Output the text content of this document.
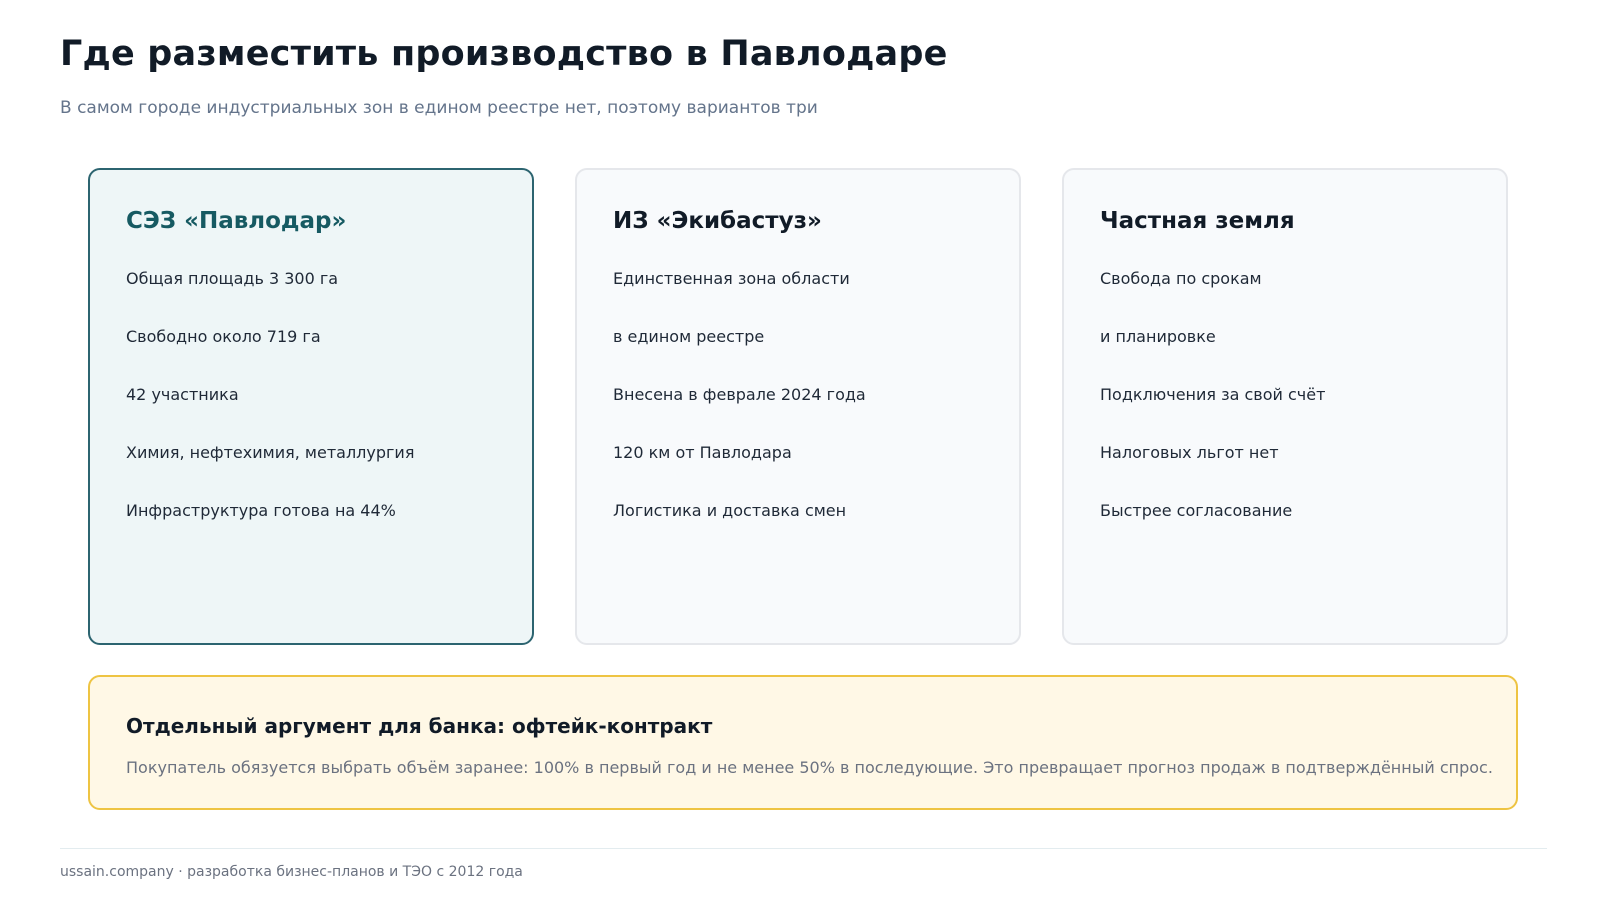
Где разместить производство в Павлодаре

В самом городе индустриальных зон в едином реестре нет, поэтому вариантов три

СЭЗ «Павлодар»
Общая площадь 3 300 га
Свободно около 719 га
42 участника
Химия, нефтехимия, металлургия
Инфраструктура готова на 44%
ИЗ «Экибастуз»
Единственная зона области
в едином реестре
Внесена в феврале 2024 года
120 км от Павлодара
Логистика и доставка смен
Частная земля
Свобода по срокам
и планировке
Подключения за свой счёт
Налоговых льгот нет
Быстрее согласование
Отдельный аргумент для банка: офтейк-контракт
Покупатель обязуется выбрать объём заранее: 100% в первый год и не менее 50% в последующие. Это превращает прогноз продаж в подтверждённый спрос.
ussain.company · разработка бизнес-планов и ТЭО с 2012 года
